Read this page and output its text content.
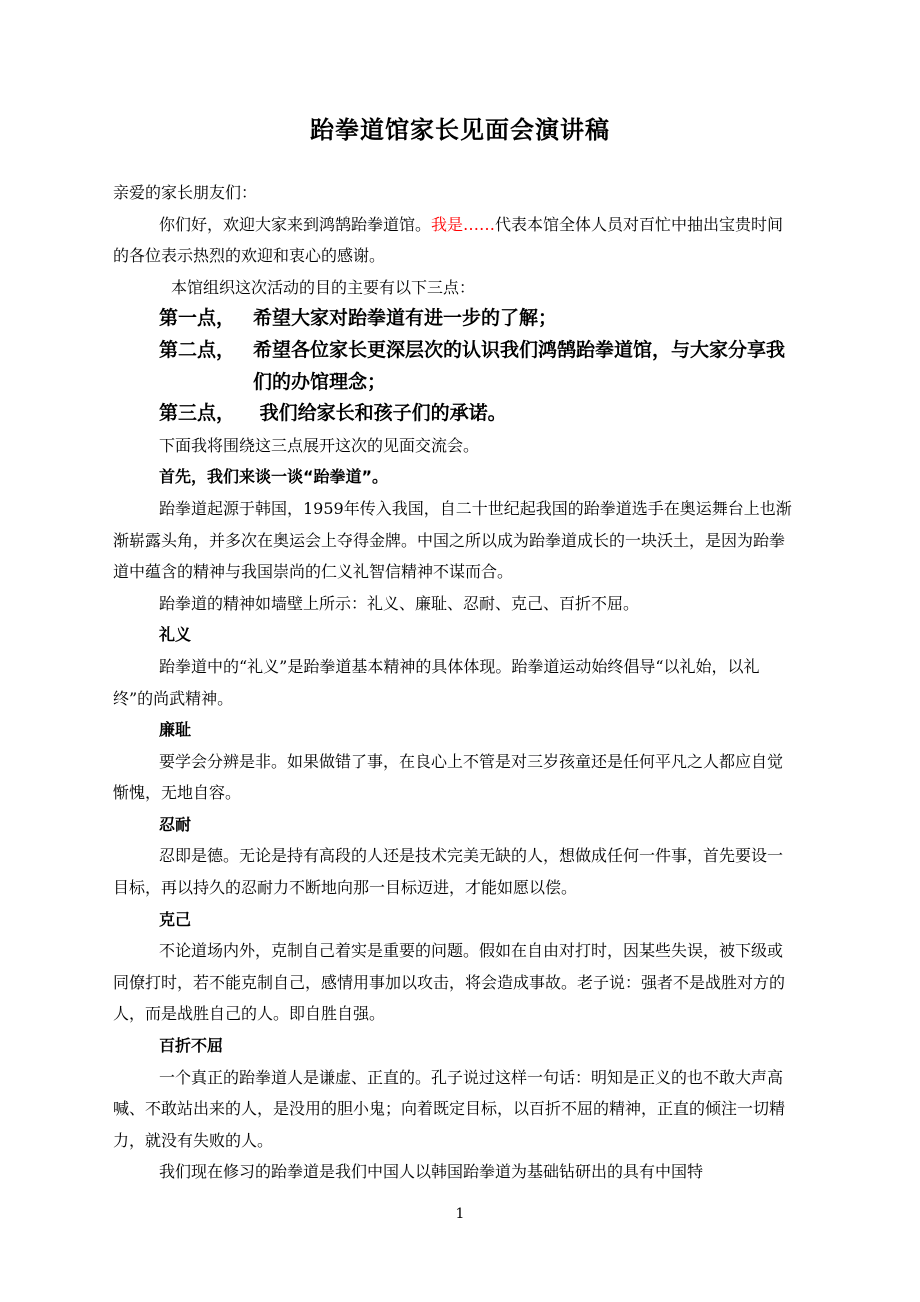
跆拳道馆家长见面会演讲稿

亲爱的家长朋友们：

你们好，欢迎大家来到鸿鹄跆拳道馆。我是……代表本馆全体人员对百忙中抽出宝贵时间的各位表示热烈的欢迎和衷心的感谢。

本馆组织这次活动的目的主要有以下三点：

第一点， 希望大家对跆拳道有进一步的了解；
第二点， 希望各位家长更深层次的认识我们鸿鹄跆拳道馆，与大家分享我们的办馆理念；
第三点， 我们给家长和孩子们的承诺。

下面我将围绕这三点展开这次的见面交流会。

首先，我们来谈一谈“跆拳道”。

跆拳道起源于韩国，1959年传入我国，自二十世纪起我国的跆拳道选手在奥运舞台上也渐渐崭露头角，并多次在奥运会上夺得金牌。中国之所以成为跆拳道成长的一块沃土，是因为跆拳道中蕴含的精神与我国崇尚的仁义礼智信精神不谋而合。

跆拳道的精神如墙壁上所示：礼义、廉耻、忍耐、克己、百折不屈。

礼义

跆拳道中的“礼义”是跆拳道基本精神的具体体现。跆拳道运动始终倡导“以礼始，以礼终”的尚武精神。

廉耻

要学会分辨是非。如果做错了事，在良心上不管是对三岁孩童还是任何平凡之人都应自觉惭愧，无地自容。

忍耐

忍即是德。无论是持有高段的人还是技术完美无缺的人，想做成任何一件事，首先要设一目标，再以持久的忍耐力不断地向那一目标迈进，才能如愿以偿。

克己

不论道场内外，克制自己着实是重要的问题。假如在自由对打时，因某些失误，被下级或同僚打时，若不能克制自己，感情用事加以攻击，将会造成事故。老子说：强者不是战胜对方的人，而是战胜自己的人。即自胜自强。

百折不屈

一个真正的跆拳道人是谦虚、正直的。孔子说过这样一句话：明知是正义的也不敢大声高喊、不敢站出来的人，是没用的胆小鬼；向着既定目标，以百折不屈的精神，正直的倾注一切精力，就没有失败的人。

我们现在修习的跆拳道是我们中国人以韩国跆拳道为基础钻研出的具有中国特

1
